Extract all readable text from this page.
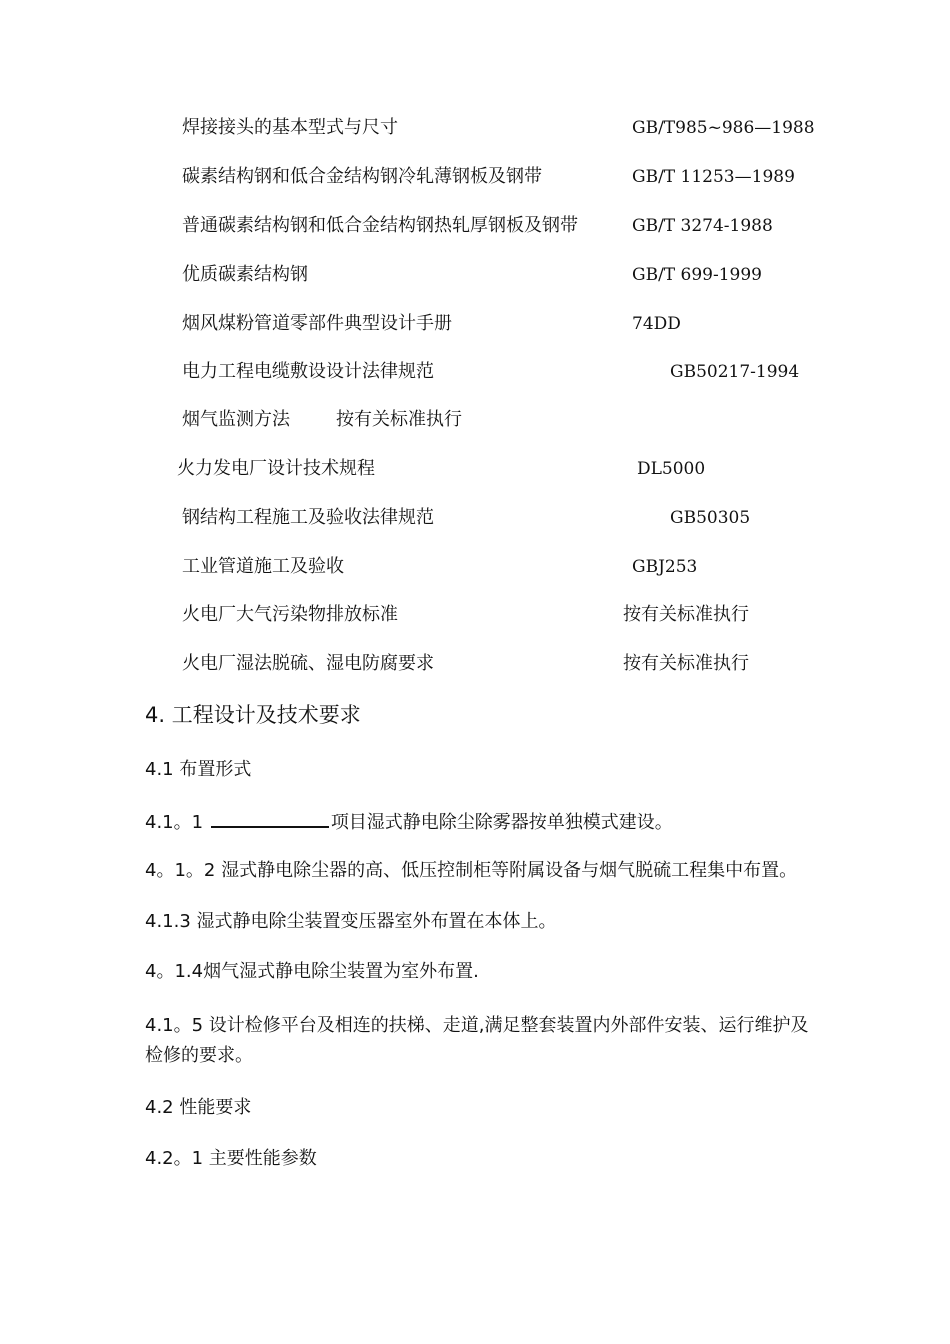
焊接接头的基本型式与尺寸	GB/T985~986—1988
碳素结构钢和低合金结构钢冷轧薄钢板及钢带	GB/T 11253—1989
普通碳素结构钢和低合金结构钢热轧厚钢板及钢带	GB/T 3274-1988
优质碳素结构钢	GB/T 699-1999
烟风煤粉管道零部件典型设计手册	74DD
电力工程电缆敷设设计法律规范	GB50217-1994
烟气监测方法	按有关标准执行
火力发电厂设计技术规程	DL5000
钢结构工程施工及验收法律规范	GB50305
工业管道施工及验收	GBJ253
火电厂大气污染物排放标准	按有关标准执行
火电厂湿法脱硫、湿电防腐要求	按有关标准执行
4. 工程设计及技术要求
4.1 布置形式
4.1。1	项目湿式静电除尘除雾器按单独模式建设。
4。1。2 湿式静电除尘器的高、低压控制柜等附属设备与烟气脱硫工程集中布置。
4.1.3 湿式静电除尘装置变压器室外布置在本体上。
4。1.4烟气湿式静电除尘装置为室外布置.
4.1。5 设计检修平台及相连的扶梯、走道,满足整套装置内外部件安装、运行维护及检修的要求。
4.2 性能要求
4.2。1 主要性能参数
